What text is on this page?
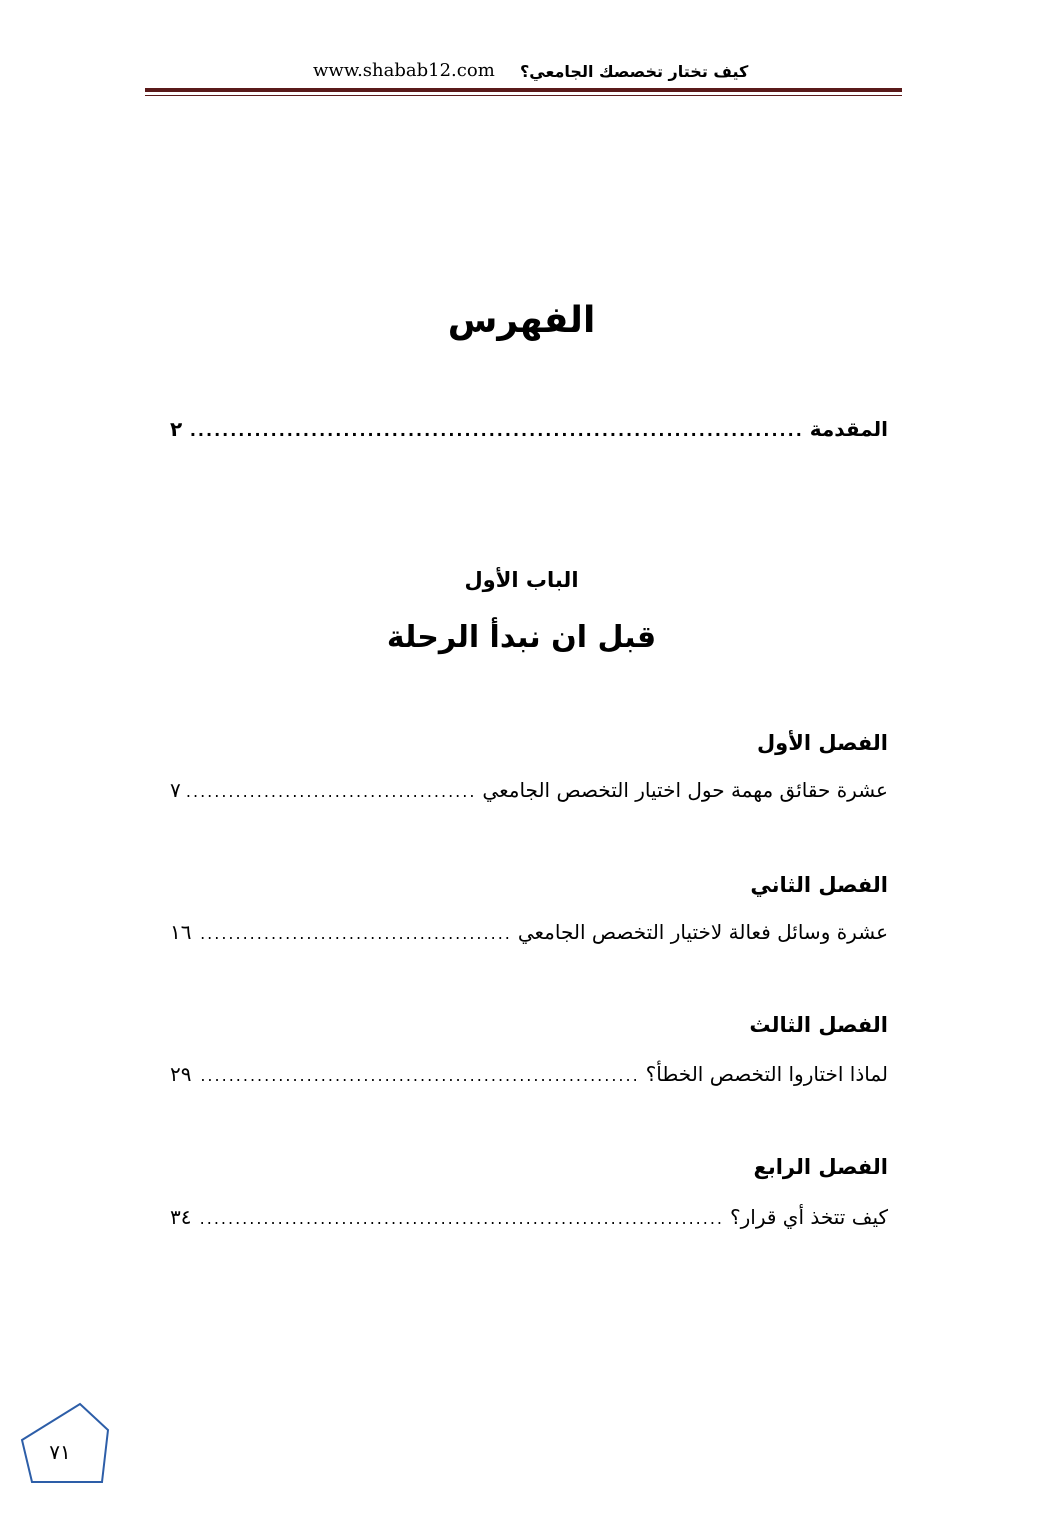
www.shabab12.com كيف تختار تخصصك الجامعي؟
الفهرس
المقدمة
.....
٢
الباب الأول
قبل ان نبدأ الرحلة
الفصل الأول
عشرة حقائق مهمة حول اختيار التخصص الجامعي
.....
٧
الفصل الثاني
عشرة وسائل فعالة لاختيار التخصص الجامعي
.....
١٦
الفصل الثالث
لماذا اختاروا التخصص الخطأ؟
.....
٢٩
الفصل الرابع
كيف تتخذ أي قرار؟
.....
٣٤
٧١
